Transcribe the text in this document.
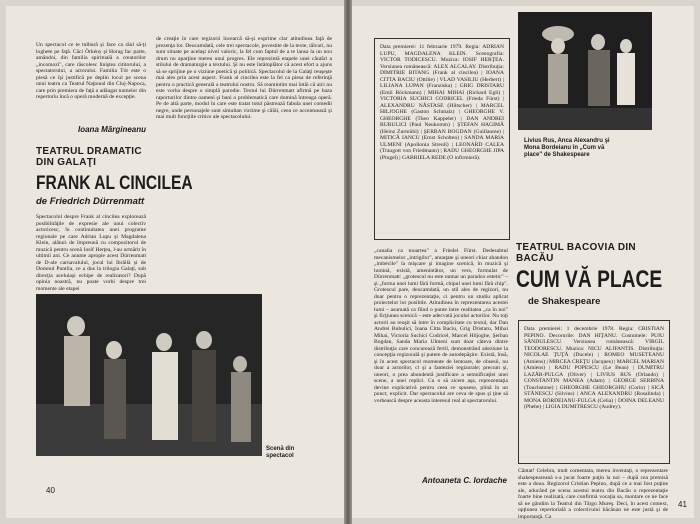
Un spectacol ce te tulbură şi face ca răul să-ţi loghete pe faţă. Căci Örkény şi Horag fac parte, amândoi, din familia spirituală a creatorilor „incomozi", care răscolesc liniştea cititorului, a spectatorului, a actorului. Familia Tót este o piesă ce îşi justifică pe deplin locul pe scena unui teatru ca Teatrul Naţional din Cluj-Napoca, care prin premiera de faţă a adăugat numelor din repertoriu încă o operă modernă de excepţie.

Ioana Mărgineanu
TEATRUL DRAMATIC DIN GALAŢI
FRANK AL CINCILEA
de Friedrich Dürrenmatt

Spectacolul despre Frank al cincilea exploreazǎ posibilităţile de expresie ale unui colectiv actoricesc, în continuitatea unei programe regionale pe care Adrian Lupu şi Magdalena Klein, alături de împreună cu compozitorul de muzică pentru scenă Iosif Herţea, l-au urmărit în ultimii ani. Ce anume apropie acest Dürrenmatt de D-ale carnavalului, jocul lui Ibrăilă și de Domnul Puntila, ce a dus la trilogia Galaţi, sub direcţia aceluiaşi echipe de realizatori? După opinia noastră, nu poate vorbi despre trei momente ale etapei

de creaţie în care regizorii încearcă să-şi exprime clar atitudinea faţă de prezenţa lor. Deocamdată, cele trei spectacole, povestite de la texte, tâlcuri, nu sunt situate pe acelaşi nivel valoric, la fel cum faptul de a te lansa la un nou drum nu aparţine mereu unui progres. Ele reprezintă etapele unei căutări a stilului de dramaturgie a textului. Şi nu este întâmplător că acest efort a ajuns să se sprijine pe o viziune poetică şi politică. Spectacolul de la Galaţi reuşeşte mai ales prin acest aspect. Frank al cincilea este la fel ca piesa de referinţă pentru o practică generală a teatrului nostru. Să reamintim mai întâi că aici nu este vorba despre o simplă parodie. Textul lui Dürrenmatt afirmă pe baza raporturilor dintre oameni şi bani o problematică care domină întreaga operă. Pe de altă parte, modul în care este tratat totul păstrează fabula unei comedii negre, unde personajele sunt simultan victime şi călăi, ceea ce accentuează şi mai mult funcţiile critice ale spectacolului.

Scenă din spectacol
40

Data premierei: 11 februarie 1979. Regia: ADRIAN LUPU, MAGDALENA KLEIN. Scenografia: VICTOR TODICESCU. Muzica: IOSIF HERŢEA. Versiunea românească: ALEX ALCALAY. Distribuţia: DIMITRIE BITANG (Frank al cincilea) | IOANA CITTA BACIU (Ottilie) | VLAD VASILIU (Herbert) | LILIANA LUPAN (Franziska) | GRIG DRISTARU (Emil Böckmann) | MIHAI MIHAI (Richard Egli) | VICTORIA SUCHICI CODRICEL (Frieda Fürst) | ALEXANDRU NĂSTASE (Hiltscher) | MARCEL HILJOGHE (Gaston Schmalz) | GHEORGHE V. GHEORGHE (Theo Kappeler) | DAN ANDREI BUBULICI (Paul Neukomm) | ŞTEFAN HAGIMĂ (Heinz Zurmühl) | ŞERBAN BOGDAN (Guillaume) | MITICĂ IANCU (Ernst Scholten) | SANDA MARIA ULMENI (Apollonia Streuli) | LEONARD CALEA (Traugott von Friedmann) | RADU GHEORGHE JIPA (Pingel) | GABRIELA REDE (O infirmieră).

Livius Rus, Anca Alexandru şi Mona Bordeianu în „Cum vă place" de Shakespeare

„canalia ca moartea" a Friedei Fürst. Dedesubtul mecanismelor „intrigilor", anunţate şi uneori chiar abandon „imbécile" la mişcare şi imagine scenică, în muzică şi lumină, există, amenintǎtor, un vers, formulat de Dürrenmatt: „grotescul nu este numai un paradox estetic" – şi „forma unei lumi fără formă, chipul unei lumi fără chip". Grotescul pare, deocamdată, un stil ales de regizori, nu doar pentru o reprezentaţie, ci pentru un studiu aplicat proiectelor lor posibile. Atitudinea în reprezentarea acestei lumi – asumată ca fiind o punte între realitatea „ca în noi" şi ficţiunea scenică – este adecvată jocului actorilor. Nu toţi actorii au reuşit să intre în complicitate cu textul, dar Dan Andrei Bubulici, Ioana Citta Baciu, Grig Dristaru, Mihai Mihai, Victoria Suchici Codricel, Marcel Hiljoghe, Şerban Bogdan, Sanda Maria Ulmeni sunt doar câteva dintre distribuţia care concurează fertil, demonstrând adeziune la concepţia regizorală şi putere de autodepăşire. Există, însă, şi în acest spectacol momente de lentoare, de obsesii, nu doar a actorilor, ci şi a fanteziei regizorale; precum şi, uneori, o prea abundentă justificare a semnificaţiei unei scene, a unei replici. Cu o să zicem aşa, reprezentaţia devine explicativă pentru ceea ce spusese, plină în un punct, explicit. Dar spectacolul are ceva de spus şi ţine să vorbească despre aceasta interesul real al spectatorului.

Antoaneta C. Iordache
TEATRUL BACOVIA DIN BACĂU
CUM VĂ PLACE
de Shakespeare

Data premierei: 1 decembrie 1978. Regia: CRISTIAN PEPINO. Decorurile: DAN HIŢANU. Costumele: PUIU SĂNDULESCU. Versiunea românească: VIRGIL TEODORESCU. Muzica: NICU ALIFANTIS. Distribuţia: NICOLAE ŢUŢĂ (Ducele) | ROMEO MUSETEANU (Amiens) | MIRCEA CREŢU (Jacques) | MARCEL MARIAN (Amiens) | RADU POPESCU (Le Beau) | DUMITRU LAZĂR-PULGA (Oliver) | LIVIUS RUS (Orlando) | CONSTANTIN MANEA (Adam) | GEORGE SERBINA (Touchstone) | GHEORGHE GHEORGHIU (Corin) | SICĂ STĂNESCU (Silvius) | ANCA ALEXANDRU (Rosalinda) | MONA BORDEIANU-FULGA (Celia) | DOINA DELEANU (Phebe) | LIGIA DUMITRESCU (Audrey).

Cântat! Celebra, mult comentata, mereu inventaţi, o reprezentare shakespeareană s-a jucat foarte puţin la noi – după cea premisă este a doua. Regizorul Cristian Pepino, după ce a mai fost puţine ale, aducând pe scena acestui teatru din Bacău o reprezentaţie foarte bine realizată, care confirmă vocaţia sa, montare ce ne face să ne gândim la Teatrul din Târgu Mureş. Deci, în acest context, opţiunea repertorială a colectivului băcăuan ne este justă şi de importanţă. Ca

41
